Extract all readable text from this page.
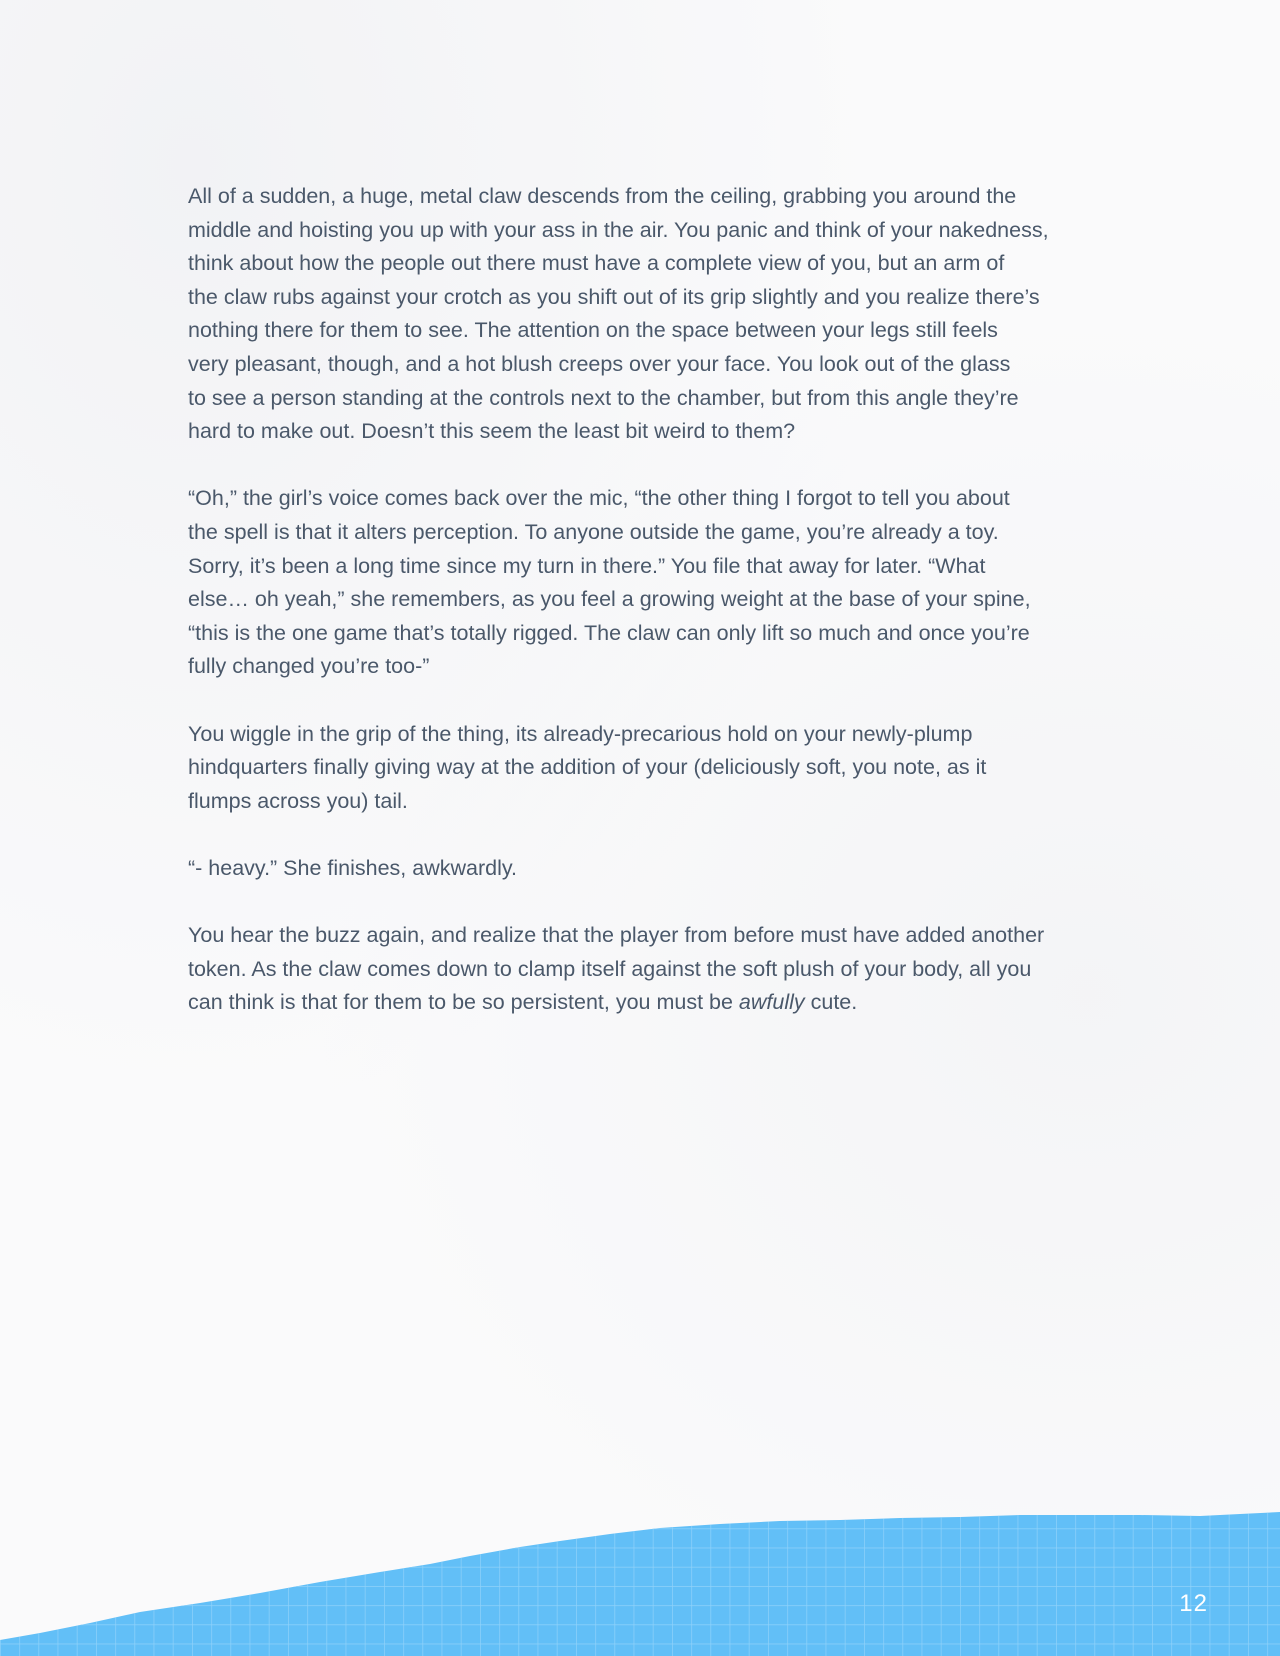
All of a sudden, a huge, metal claw descends from the ceiling, grabbing you around the
middle and hoisting you up with your ass in the air. You panic and think of your nakedness,
think about how the people out there must have a complete view of you, but an arm of
the claw rubs against your crotch as you shift out of its grip slightly and you realize there’s
nothing there for them to see. The attention on the space between your legs still feels
very pleasant, though, and a hot blush creeps over your face. You look out of the glass
to see a person standing at the controls next to the chamber, but from this angle they’re
hard to make out. Doesn’t this seem the least bit weird to them?

“Oh,” the girl’s voice comes back over the mic, “the other thing I forgot to tell you about
the spell is that it alters perception. To anyone outside the game, you’re already a toy.
Sorry, it’s been a long time since my turn in there.” You file that away for later. “What
else… oh yeah,” she remembers, as you feel a growing weight at the base of your spine,
“this is the one game that’s totally rigged. The claw can only lift so much and once you’re
fully changed you’re too-”

You wiggle in the grip of the thing, its already-precarious hold on your newly-plump
hindquarters finally giving way at the addition of your (deliciously soft, you note, as it
flumps across you) tail.

“- heavy.” She finishes, awkwardly.

You hear the buzz again, and realize that the player from before must have added another
token. As the claw comes down to clamp itself against the soft plush of your body, all you
can think is that for them to be so persistent, you must be awfully cute.

12
